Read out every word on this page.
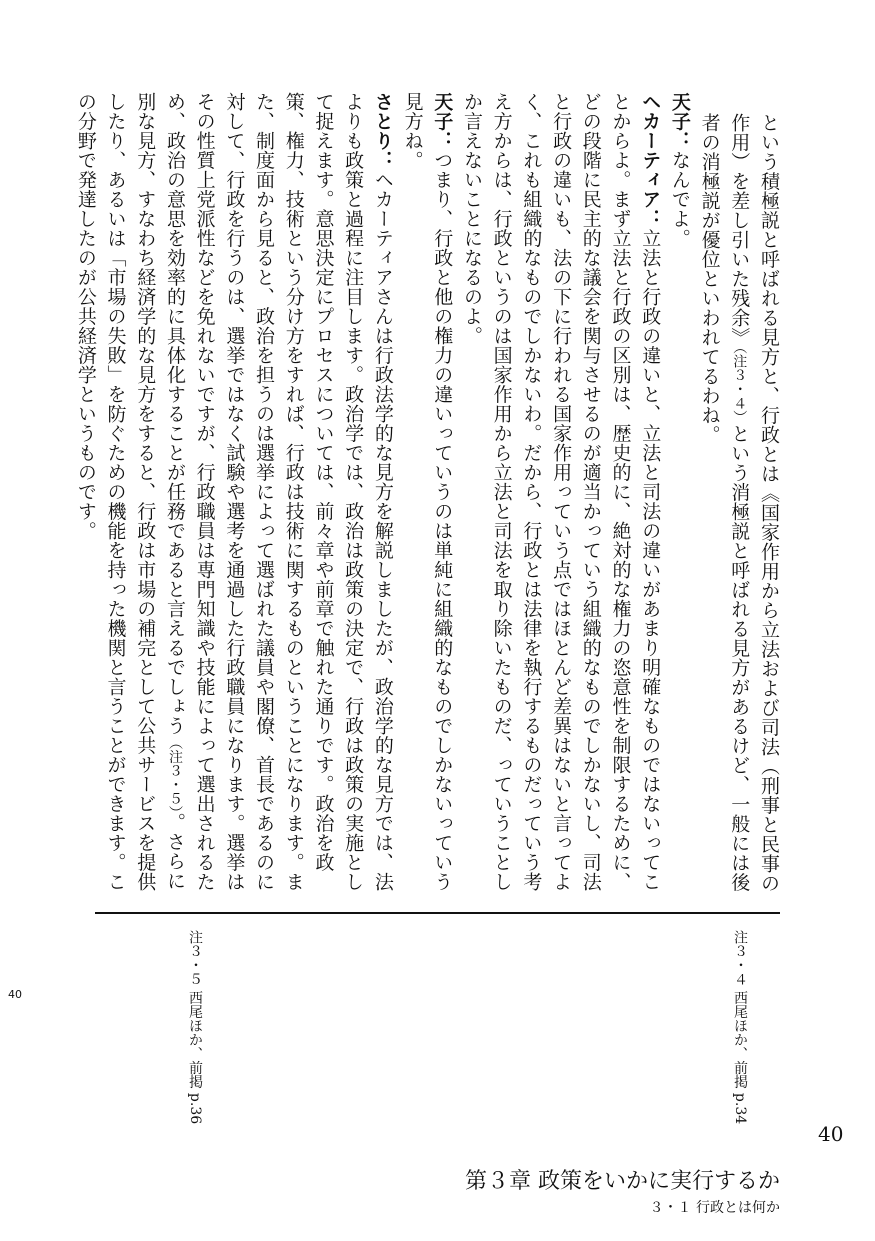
という積極説と呼ばれる見方と、行政とは《国家作用から立法および司法（刑事と民事の作用）を差し引いた残余》（注３・４）という消極説と呼ばれる見方があるけど、一般には後者の消極説が優位といわれてるわね。

天子：なんでよ。

ヘカーティア：立法と行政の違いと、立法と司法の違いがあまり明確なものではないってことからよ。まず立法と行政の区別は、歴史的に、絶対的な権力の恣意性を制限するために、どの段階に民主的な議会を関与させるのが適当かっていう組織的なものでしかないし、司法と行政の違いも、法の下に行われる国家作用っていう点ではほとんど差異はないと言ってよく、これも組織的なものでしかないわ。だから、行政とは法律を執行するものだっていう考え方からは、行政というのは国家作用から立法と司法を取り除いたものだ、っていうことしか言えないことになるのよ。

天子：つまり、行政と他の権力の違いっていうのは単純に組織的なものでしかないっていう見方ね。

さとり：ヘカーティアさんは行政法学的な見方を解説しましたが、政治学的な見方では、法よりも政策と過程に注目します。政治学では、政治は政策の決定で、行政は政策の実施として捉えます。意思決定にプロセスについては、前々章や前章で触れた通りです。政治を政策、権力、技術という分け方をすれば、行政は技術に関するものということになります。また、制度面から見ると、政治を担うのは選挙によって選ばれた議員や閣僚、首長であるのに対して、行政を行うのは、選挙ではなく試験や選考を通過した行政職員になります。選挙はその性質上党派性などを免れないですが、行政職員は専門知識や技能によって選出されるため、政治の意思を効率的に具体化することが任務であると言えるでしょう（注３・５）。さらに別な見方、すなわち経済学的な見方をすると、行政は市場の補完として公共サービスを提供したり、あるいは「市場の失敗」を防ぐための機能を持った機関と言うことができます。この分野で発達したのが公共経済学というものです。

注３・４ 西尾ほか、前掲 p.34
注３・５ 西尾ほか、前掲 p.36
40
40
第３章 政策をいかに実行するか
３・１ 行政とは何か
